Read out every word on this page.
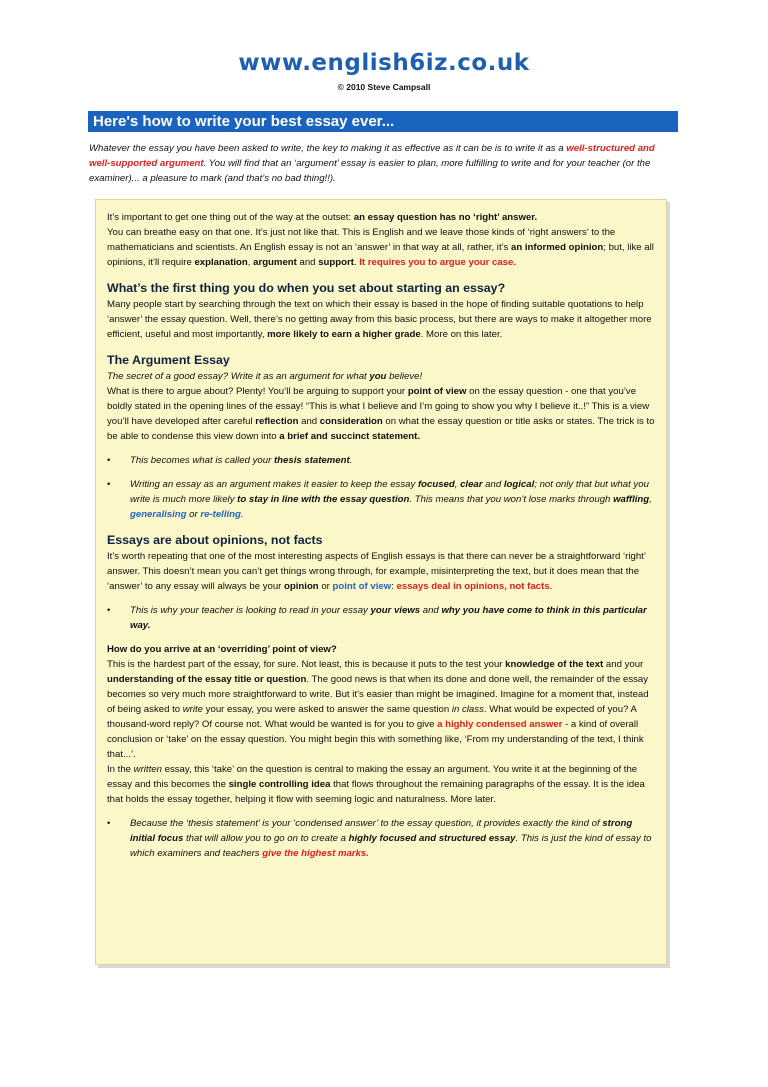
www.english6iz.co.uk
© 2010 Steve Campsall
Here's how to write your best essay ever...
Whatever the essay you have been asked to write, the key to making it as effective as it can be is to write it as a well-structured and well-supported argument. You will find that an ‘argument’ essay is easier to plan, more fulfilling to write and for your teacher (or the examiner)... a pleasure to mark (and that’s no bad thing!!).

It’s important to get one thing out of the way at the outset: an essay question has no ‘right’ answer.
You can breathe easy on that one. It’s just not like that. This is English and we leave those kinds of ‘right answers’ to the mathematicians and scientists. An English essay is not an ‘answer’ in that way at all, rather, it’s an informed opinion; but, like all opinions, it’ll require explanation, argument and support. It requires you to argue your case.

What’s the first thing you do when you set about starting an essay?

Many people start by searching through the text on which their essay is based in the hope of finding suitable quotations to help ‘answer’ the essay question. Well, there’s no getting away from this basic process, but there are ways to make it altogether more efficient, useful and most importantly, more likely to earn a higher grade. More on this later.

The Argument Essay

The secret of a good essay? Write it as an argument for what you believe!
What is there to argue about? Plenty! You’ll be arguing to support your point of view on the essay question - one that you’ve boldly stated in the opening lines of the essay! “This is what I believe and I’m going to show you why I believe it..!” This is a view you’ll have developed after careful reflection and consideration on what the essay question or title asks or states. The trick is to be able to condense this view down into a brief and succinct statement.

• This becomes what is called your thesis statement.
• Writing an essay as an argument makes it easier to keep the essay focused, clear and logical; not only that but what you write is much more likely to stay in line with the essay question. This means that you won’t lose marks through waffling, generalising or re-telling.
Essays are about opinions, not facts

It’s worth repeating that one of the most interesting aspects of English essays is that there can never be a straightforward ‘right’ answer. This doesn’t mean you can’t get things wrong through, for example, misinterpreting the text, but it does mean that the ‘answer’ to any essay will always be your opinion or point of view: essays deal in opinions, not facts.

• This is why your teacher is looking to read in your essay your views and why you have come to think in this particular way.

How do you arrive at an ‘overriding’ point of view?

This is the hardest part of the essay, for sure. Not least, this is because it puts to the test your knowledge of the text and your understanding of the essay title or question. The good news is that when its done and done well, the remainder of the essay becomes so very much more straightforward to write. But it’s easier than might be imagined. Imagine for a moment that, instead of being asked to write your essay, you were asked to answer the same question in class. What would be expected of you? A thousand-word reply? Of course not. What would be wanted is for you to give a highly condensed answer - a kind of overall conclusion or ‘take’ on the essay question. You might begin this with something like, ‘From my understanding of the text, I think that...’.
In the written essay, this ‘take’ on the question is central to making the essay an argument. You write it at the beginning of the essay and this becomes the single controlling idea that flows throughout the remaining paragraphs of the essay. It is the idea that holds the essay together, helping it flow with seeming logic and naturalness. More later.

• Because the ‘thesis statement’ is your ‘condensed answer’ to the essay question, it provides exactly the kind of strong initial focus that will allow you to go on to create a highly focused and structured essay. This is just the kind of essay to which examiners and teachers give the highest marks.
